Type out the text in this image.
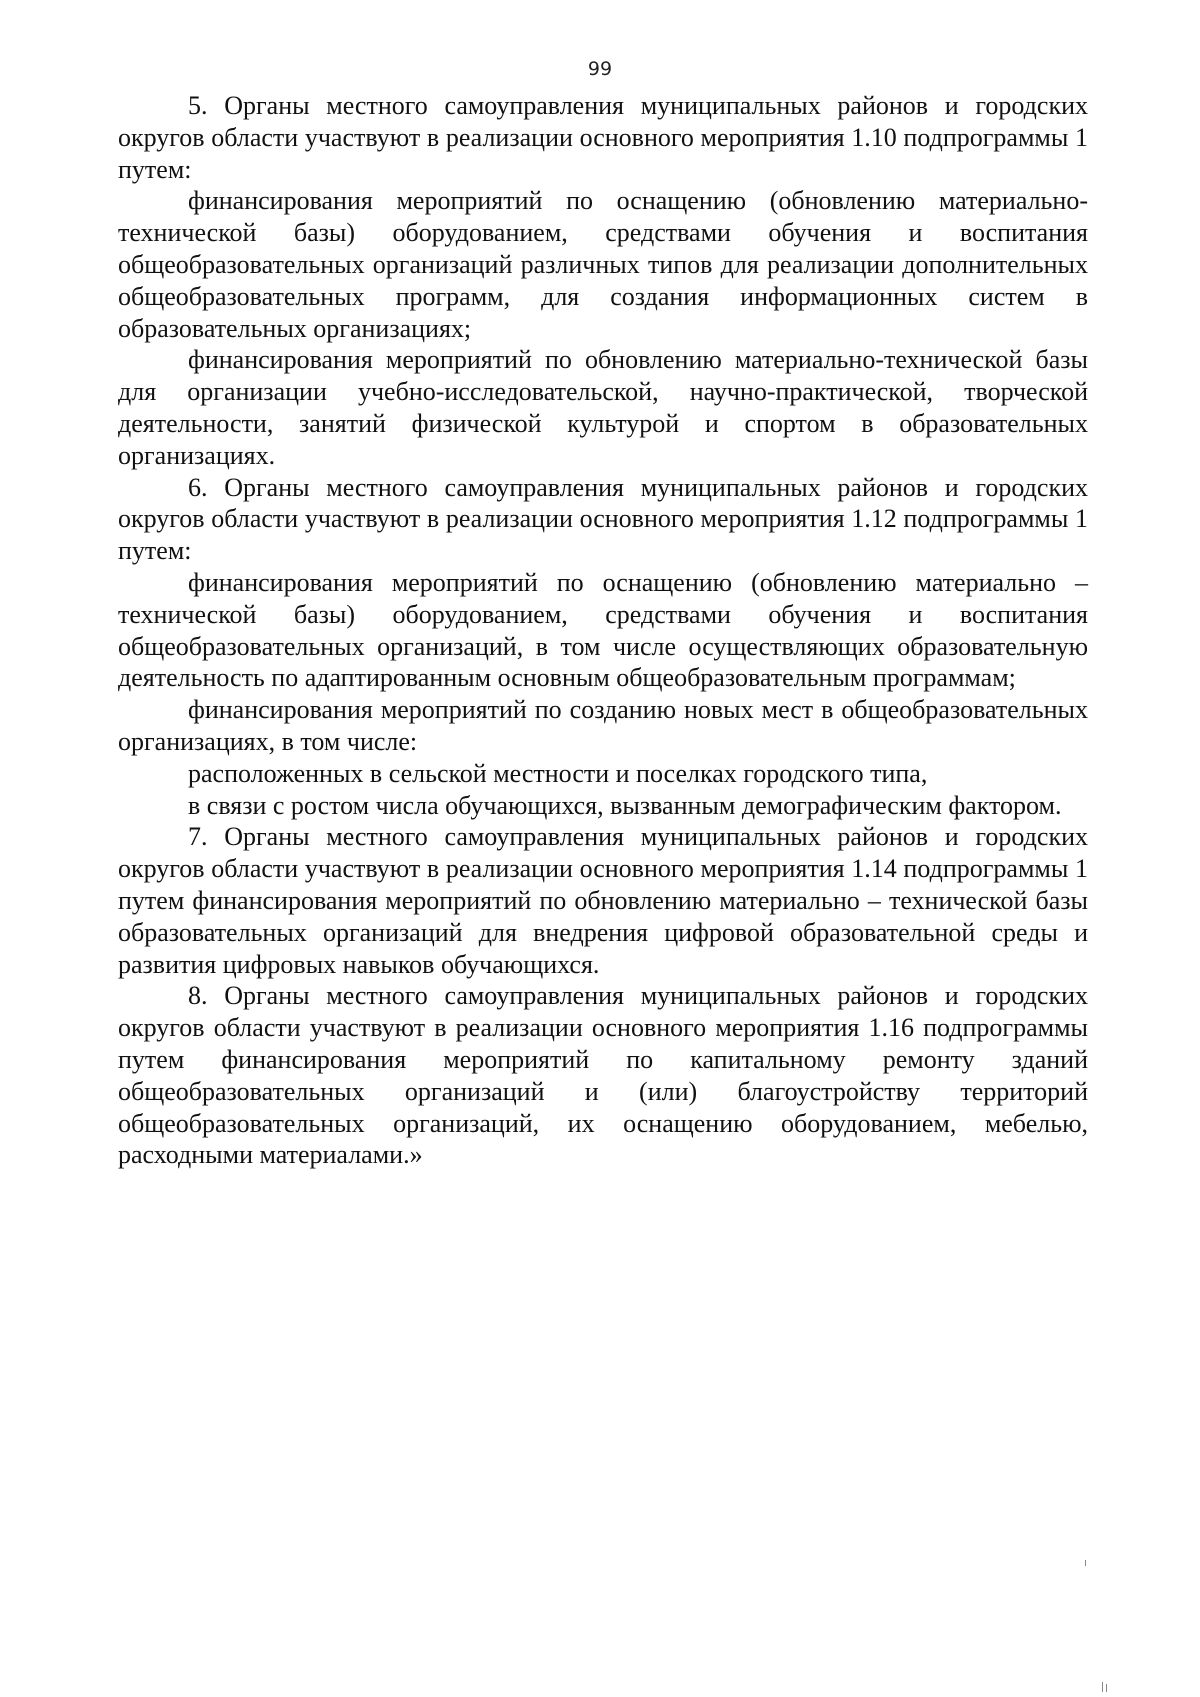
99

5. Органы местного самоуправления муниципальных районов и городских округов области участвуют в реализации основного мероприятия 1.10 подпрограммы 1 путем:

финансирования мероприятий по оснащению (обновлению материально-технической базы) оборудованием, средствами обучения и воспитания общеобразовательных организаций различных типов для реализации дополнительных общеобразовательных программ, для создания информационных систем в образовательных организациях;

финансирования мероприятий по обновлению материально-технической базы для организации учебно-исследовательской, научно-практической, творческой деятельности, занятий физической культурой и спортом в образовательных организациях.

6. Органы местного самоуправления муниципальных районов и городских округов области участвуют в реализации основного мероприятия 1.12 подпрограммы 1 путем:

финансирования мероприятий по оснащению (обновлению материально – технической базы) оборудованием, средствами обучения и воспитания общеобразовательных организаций, в том числе осуществляющих образовательную деятельность по адаптированным основным общеобразовательным программам;

финансирования мероприятий по созданию новых мест в общеобразовательных организациях, в том числе:

расположенных в сельской местности и поселках городского типа,

в связи с ростом числа обучающихся, вызванным демографическим фактором.

7. Органы местного самоуправления муниципальных районов и городских округов области участвуют в реализации основного мероприятия 1.14 подпрограммы 1 путем финансирования мероприятий по обновлению материально – технической базы образовательных организаций для внедрения цифровой образовательной среды и развития цифровых навыков обучающихся.

8. Органы местного самоуправления муниципальных районов и городских округов области участвуют в реализации основного мероприятия 1.16 подпрограммы путем финансирования мероприятий по капитальному ремонту зданий общеобразовательных организаций и (или) благоустройству территорий общеобразовательных организаций, их оснащению оборудованием, мебелью, расходными материалами.»
